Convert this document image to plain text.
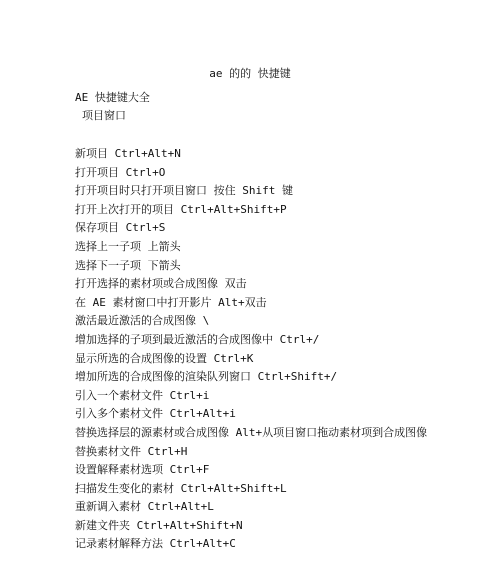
ae 的的 快捷键
AE 快捷键大全
项目窗口
新项目 Ctrl+Alt+N
打开项目 Ctrl+O
打开项目时只打开项目窗口 按住 Shift 键
打开上次打开的项目 Ctrl+Alt+Shift+P
保存项目 Ctrl+S
选择上一子项 上箭头
选择下一子项 下箭头
打开选择的素材项或合成图像 双击
在 AE 素材窗口中打开影片 Alt+双击
激活最近激活的合成图像 \
增加选择的子项到最近激活的合成图像中 Ctrl+/
显示所选的合成图像的设置 Ctrl+K
增加所选的合成图像的渲染队列窗口 Ctrl+Shift+/
引入一个素材文件 Ctrl+i
引入多个素材文件 Ctrl+Alt+i
替换选择层的源素材或合成图像 Alt+从项目窗口拖动素材项到合成图像
替换素材文件 Ctrl+H
设置解释素材选项 Ctrl+F
扫描发生变化的素材 Ctrl+Alt+Shift+L
重新调入素材 Ctrl+Alt+L
新建文件夹 Ctrl+Alt+Shift+N
记录素材解释方法 Ctrl+Alt+C
